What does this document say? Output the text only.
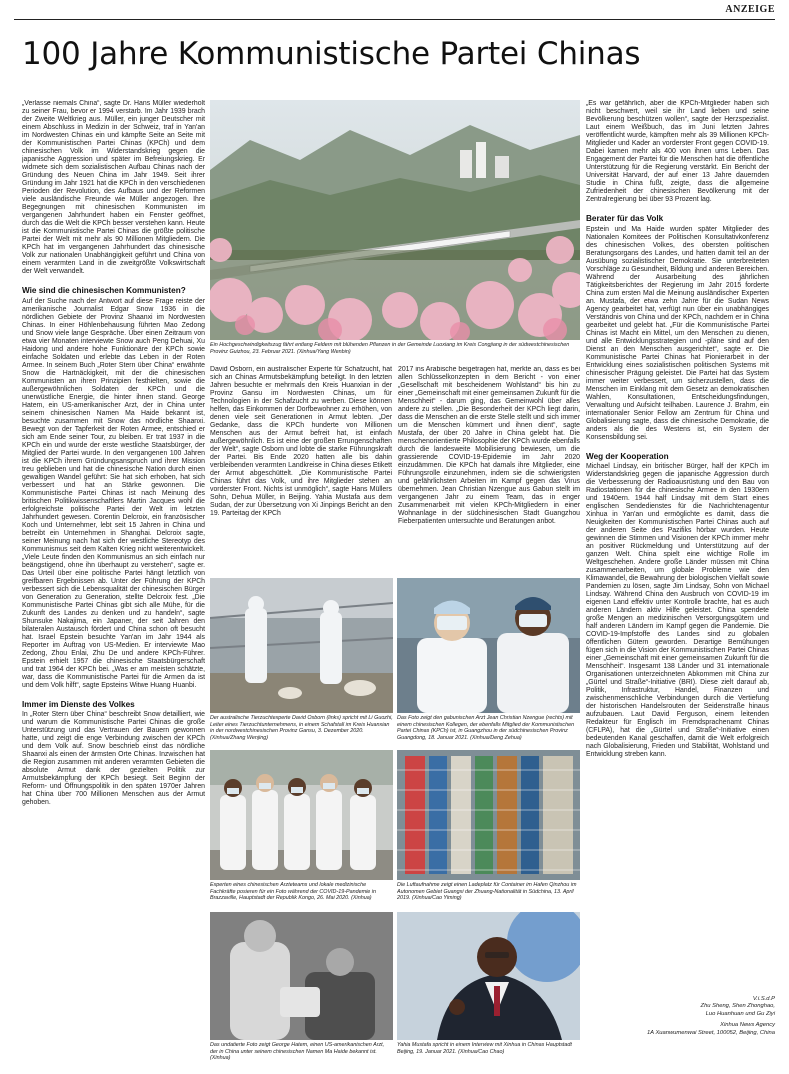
ANZEIGE
100 Jahre Kommunistische Partei Chinas

„Verlasse niemals China“, sagte Dr. Hans Müller wiederholt zu seiner Frau, bevor er 1994 verstarb. Im Jahr 1939 brach der Zweite Weltkrieg aus. Müller, ein junger Deutscher mit einem Abschluss in Medizin in der Schweiz, traf in Yan'an im Nordwesten Chinas ein und kämpfte Seite an Seite mit der Kommunistischen Partei Chinas (KPCh) und dem chinesischen Volk im Widerstandskrieg gegen die japanische Aggression und später im Befreiungskrieg. Er widmete sich dem sozialistischen Aufbau Chinas nach der Gründung des Neuen China im Jahr 1949. Seit ihrer Gründung im Jahr 1921 hat die KPCh in den verschiedenen Perioden der Revolution, des Aufbaus und der Reformen viele ausländische Freunde wie Müller angezogen. Ihre Begegnungen mit chinesischen Kommunisten im vergangenen Jahrhundert haben ein Fenster geöffnet, durch das die Welt die KPCh besser verstehen kann. Heute ist die Kommunistische Partei Chinas die größte politische Partei der Welt mit mehr als 90 Millionen Mitgliedern. Die KPCh hat im vergangenen Jahrhundert das chinesische Volk zur nationalen Unabhängigkeit geführt und China von einem verarmten Land in die zweitgrößte Volkswirtschaft der Welt verwandelt.

Wie sind die chinesischen Kommunisten?

Auf der Suche nach der Antwort auf diese Frage reiste der amerikanische Journalist Edgar Snow 1936 in die nördlichen Gebiete der Provinz Shaanxi im Nordwesten Chinas. In einer Höhlenbehausung führten Mao Zedong und Snow viele lange Gespräche. Über einen Zeitraum von etwa vier Monaten interviewte Snow auch Peng Dehuai, Xu Haidong und andere hohe Funktionäre der KPCh sowie einfache Soldaten und erlebte das Leben in der Roten Armee. In seinem Buch „Roter Stern über China“ erwähnte Snow die Hartnäckigkeit, mit der die chinesischen Kommunisten an ihren Prinzipien festhielten, sowie die außergewöhnlichen Soldaten der KPCh und die unerwüstliche Energie, die hinter ihnen stand. George Hatem, ein US-amerikanischer Arzt, der in China unter seinem chinesischen Namen Ma Haide bekannt ist, besuchte zusammen mit Snow das nördliche Shaanxi. Bewegt von der Tapferkeit der Roten Armee, entschied er sich am Ende seiner Tour, zu bleiben. Er trat 1937 in die KPCh ein und wurde der erste westliche Staatsbürger, der Mitglied der Partei wurde. In den vergangenen 100 Jahren ist die KPCh ihrem Gründungsanspruch und ihrer Mission treu geblieben und hat die chinesische Nation durch einen gewaltigen Wandel geführt: Sie hat sich erhoben, hat sich verbessert und hat an Stärke gewonnen. Die Kommunistische Partei Chinas ist nach Meinung des britischen Politikwissenschaftlers Martin Jacques wohl die erfolgreichste politische Partei der Welt im letzten Jahrhundert gewesen. Corentin Delcroix, ein französischer Koch und Unternehmer, lebt seit 15 Jahren in China und betreibt ein Unternehmen in Shanghai. Delcroix sagte, seiner Meinung nach hat sich der westliche Stereotyp des Kommunismus seit dem Kalten Krieg nicht weiterentwickelt. „Viele Leute finden den Kommunismus an sich einfach nur beängstigend, ohne ihn überhaupt zu verstehen“, sagte er. Das Urteil über eine politische Partei hängt letztlich von greifbaren Ergebnissen ab. Unter der Führung der KPCh verbessert sich die Lebensqualität der chinesischen Bürger von Generation zu Generation, stellte Delcroix fest. „Die Kommunistische Partei Chinas gibt sich alle Mühe, für die Zukunft des Landes zu denken und zu handeln“, sagte Shunsuke Nakajima, ein Japaner, der seit Jahren den bilateralen Austausch fördert und China schon oft besucht hat. Israel Epstein besuchte Yan'an im Jahr 1944 als Reporter im Auftrag von US-Medien. Er interviewte Mao Zedong, Zhou Enlai, Zhu De und andere KPCh-Führer. Epstein erhielt 1957 die chinesische Staatsbürgerschaft und trat 1964 der KPCh bei. „Was er am meisten schätzte, war, dass die Kommunistische Partei für die Armen da ist und dem Volk hilft“, sagte Epsteins Witwe Huang Huanbi.

Immer im Dienste des Volkes

In „Roter Stern über China“ beschreibt Snow detailliert, wie und warum die Kommunistische Partei Chinas die große Unterstützung und das Vertrauen der Bauern gewonnen hatte, und zeigt die enge Verbindung zwischen der KPCh und dem Volk auf. Snow beschrieb einst das nördliche Shaanxi als einen der ärmsten Orte Chinas. Inzwischen hat die Region zusammen mit anderen verarmten Gebieten die absolute Armut dank der gezielten Politik zur Armutsbekämpfung der KPCh besiegt. Seit Beginn der Reform- und Öffnungspolitik in den späten 1970er Jahren hat China über 700 Millionen Menschen aus der Armut gehoben.

Ein Hochgeschwindigkeitszug fährt entlang Feldern mit blühenden Pflanzen in der Gemeinde Luoxiang im Kreis Congjiang in der südwestchinesischen Provinz Guizhou, 23. Februar 2021. (Xinhua/Yang Wenbin)

David Osborn, ein australischer Experte für Schafzucht, hat sich an Chinas Armutsbekämpfung beteiligt. In den letzten Jahren besuchte er mehrmals den Kreis Huanxian in der Provinz Gansu im Nordwesten Chinas, um für Technologien in der Schafzucht zu werben. Diese können helfen, das Einkommen der Dorfbewohner zu erhöhen, von denen viele seit Generationen in Armut lebten. „Der Gedanke, dass die KPCh hunderte von Millionen Menschen aus der Armut befreit hat, ist einfach außergewöhnlich. Es ist eine der großen Errungenschaften der Welt“, sagte Osborn und lobte die starke Führungskraft der Partei. Bis Ende 2020 hatten alle bis dahin verbleibenden verarmten Landkreise in China dieses Etikett der Armut abgeschüttelt. „Die Kommunistische Partei Chinas führt das Volk, und ihre Mitglieder stehen an vorderster Front. Nichts ist unmöglich“, sagte Hans Müllers Sohn, Dehua Müller, in Beijing. Yahia Mustafa aus dem Sudan, der zur Übersetzung von Xi Jinpings Bericht an den 19. Parteitag der KPCh

2017 ins Arabische beigetragen hat, merkte an, dass es bei allen Schlüsselkonzepten in dem Bericht - von einer „Gesellschaft mit bescheidenem Wohlstand“ bis hin zu einer „Gemeinschaft mit einer gemeinsamen Zukunft für die Menschheit“ - darum ging, das Gemeinwohl über alles andere zu stellen. „Die Besonderheit der KPCh liegt darin, dass die Menschen an die erste Stelle stellt und sich immer um die Menschen kümmert und ihnen dient“, sagte Mustafa, der über 20 Jahre in China gelebt hat. Die menschenorientierte Philosophie der KPCh wurde ebenfalls durch die landesweite Mobilisierung bewiesen, um die grassierende COVID-19-Epidemie im Jahr 2020 einzudämmen. Die KPCh hat damals ihre Mitglieder, eine Führungsrolle einzunehmen, indem sie die schwierigsten und gefährlichsten Arbeiten im Kampf gegen das Virus übernehmen. Jean Christian Nzengue aus Gabun stellt im vergangenen Jahr zu einem Team, das in enger Zusammenarbeit mit vielen KPCh-Mitgliedern in einer Wohnanlage in der südchinesischen Stadt Guangzhou Fieberpatienten untersuchte und Beratungen anbot.

Der australische Tierzuchtexperte David Osborn (links) spricht mit Li Guozhi, Leiter eines Tierzuchtunternehmens, in einem Schafstall im Kreis Huanxian in der nordwestchinesischen Provinz Gansu, 3. Dezember 2020. (Xinhua/Zhang Wenjing)
Das Foto zeigt den gabunischen Arzt Jean Christian Nzengue (rechts) mit einem chinesischen Kollegen, der ebenfalls Mitglied der Kommunistischen Partei Chinas (KPCh) ist, in Guangzhou in der südchinesischen Provinz Guangdong, 18. Januar 2021. (Xinhua/Deng Zehua)
Experten eines chinesischen Ärzteteams und lokale medizinische Fachkräfte posieren für ein Foto während der COVID-19-Pandemie in Brazzaville, Hauptstadt der Republik Kongo, 26. Mai 2020. (Xinhua)
Die Luftaufnahme zeigt einen Ladeplatz für Container im Hafen Qinzhou im Autonomen Gebiet Guangxi der Zhuang-Nationalität in Südchina, 13. April 2019. (Xinhua/Cao Yiming)
Das undatierte Foto zeigt George Hatem, einen US-amerikanischen Arzt, der in China unter seinem chinesischen Namen Ma Haide bekannt ist. (Xinhua)
Yahia Mustafa spricht in einem Interview mit Xinhua in Chinas Hauptstadt Beijing, 19. Januar 2021. (Xinhua/Cao Chao)

„Es war gefährlich, aber die KPCh-Mitglieder haben sich nicht beschwert, weil sie ihr Land lieben und seine Bevölkerung beschützen wollen“, sagte der Herzspezialist. Laut einem Weißbuch, das im Juni letzten Jahres veröffentlicht wurde, kämpften mehr als 39 Millionen KPCh-Mitglieder und Kader an vorderster Front gegen COVID-19. Dabei kamen mehr als 400 von ihnen ums Leben. Das Engagement der Partei für die Menschen hat die öffentliche Unterstützung für die Regierung verstärkt. Ein Bericht der Universität Harvard, der auf einer 13 Jahre dauernden Studie in China fußt, zeigte, dass die allgemeine Zufriedenheit der chinesischen Bevölkerung mit der Zentralregierung bei über 93 Prozent lag.

Berater für das Volk

Epstein und Ma Haide wurden später Mitglieder des Nationalen Komitees der Politischen Konsultativkonferenz des chinesischen Volkes, des obersten politischen Beratungsorgans des Landes, und hatten damit teil an der Ausübung sozialistischer Demokratie. Sie unterbreiteten Vorschläge zu Gesundheit, Bildung und anderen Bereichen. Während der Ausarbeitung des jährlichen Tätigkeitsberichtes der Regierung im Jahr 2015 forderte China zum ersten Mal die Meinung ausländischer Experten an. Mustafa, der etwa zehn Jahre für die Sudan News Agency gearbeitet hat, verfügt nun über ein unabhängiges Verständnis von China und der KPCh, nachdem er in China gearbeitet und gelebt hat. „Für die Kommunistische Partei Chinas ist Macht ein Mittel, um den Menschen zu dienen, und alle Entwicklungsstrategien und -pläne sind auf den Dienst an den Menschen ausgerichtet“, sagte er. Die Kommunistische Partei Chinas hat Pionierarbeit in der Entwicklung eines sozialistischen politischen Systems mit chinesischer Prägung geleistet. Die Partei hat das System immer weiter verbessert, um sicherzustellen, dass die Menschen im Einklang mit dem Gesetz an demokratischen Wahlen, Konsultationen, Entscheidungsfindungen, Verwaltung und Aufsicht teilhaben. Laurence J. Brahm, ein internationaler Senior Fellow am Zentrum für China und Globalisierung sagte, dass die chinesische Demokratie, die anders als die des Westens ist, ein System der Konsensbildung sei.

Weg der Kooperation

Michael Lindsay, ein britischer Bürger, half der KPCh im Widerstandskrieg gegen die japanische Aggression durch die Verbesserung der Radioausrüstung und den Bau von Radiostationen für die chinesische Armee in den 1930ern und 1940ern. 1944 half Lindsay mit dem Start eines englischen Sendedienstes für die Nachrichtenagentur Xinhua in Yan'an und ermöglichte es damit, dass die Neuigkeiten der Kommunistischen Partei Chinas auch auf der anderen Seite des Pazifiks hörbar wurden. Heute gewinnen die Stimmen und Visionen der KPCh immer mehr an positiver Rückmeldung und Unterstützung auf der ganzen Welt. China spielt eine wichtige Rolle im Weltgeschehen. Andere große Länder müssen mit China zusammenarbeiten, um globale Probleme wie den Klimawandel, die Bewahrung der biologischen Vielfalt sowie Pandemien zu lösen, sagte Jim Lindsay, Sohn von Michael Lindsay. Während China den Ausbruch von COVID-19 im eigenen Land effektiv unter Kontrolle brachte, hat es auch anderen Ländern aktiv Hilfe geleistet. China spendete große Mengen an medizinischen Versorgungsgütern und half anderen Ländern im Kampf gegen die Pandemie. Die COVID-19-Impfstoffe des Landes sind zu globalen öffentlichen Gütern geworden. Derartige Bemühungen fügen sich in die Vision der Kommunistischen Partei Chinas einer „Gemeinschaft mit einer gemeinsamen Zukunft für die Menschheit“. Insgesamt 138 Länder und 31 internationale Organisationen unterzeichneten Abkommen mit China zur „Gürtel und Straße“-Initiative (BRI). Diese zielt darauf ab, Politik, Infrastruktur, Handel, Finanzen und zwischenmenschliche Verbindungen durch die Vertiefung der historischen Handelsrouten der Seidenstraße hinaus aufzubauen. Laut David Ferguson, einem leitenden Redakteur für Englisch im Fremdsprachenamt Chinas (CFLPA), hat die „Gürtel und Straße“-Initiative einen bedeutenden Kanal geschaffen, damit die Welt erfolgreich nach Globalisierung, Frieden und Stabilität, Wohlstand und Entwicklung streben kann.

V.i.S.d.P
Zhu Sheng, Shen Zhonghao,
Luo Huanhuan und Gu Ziyi
Xinhua News Agency
1A Xuanwumenwai Street, 100052, Beijing, China
